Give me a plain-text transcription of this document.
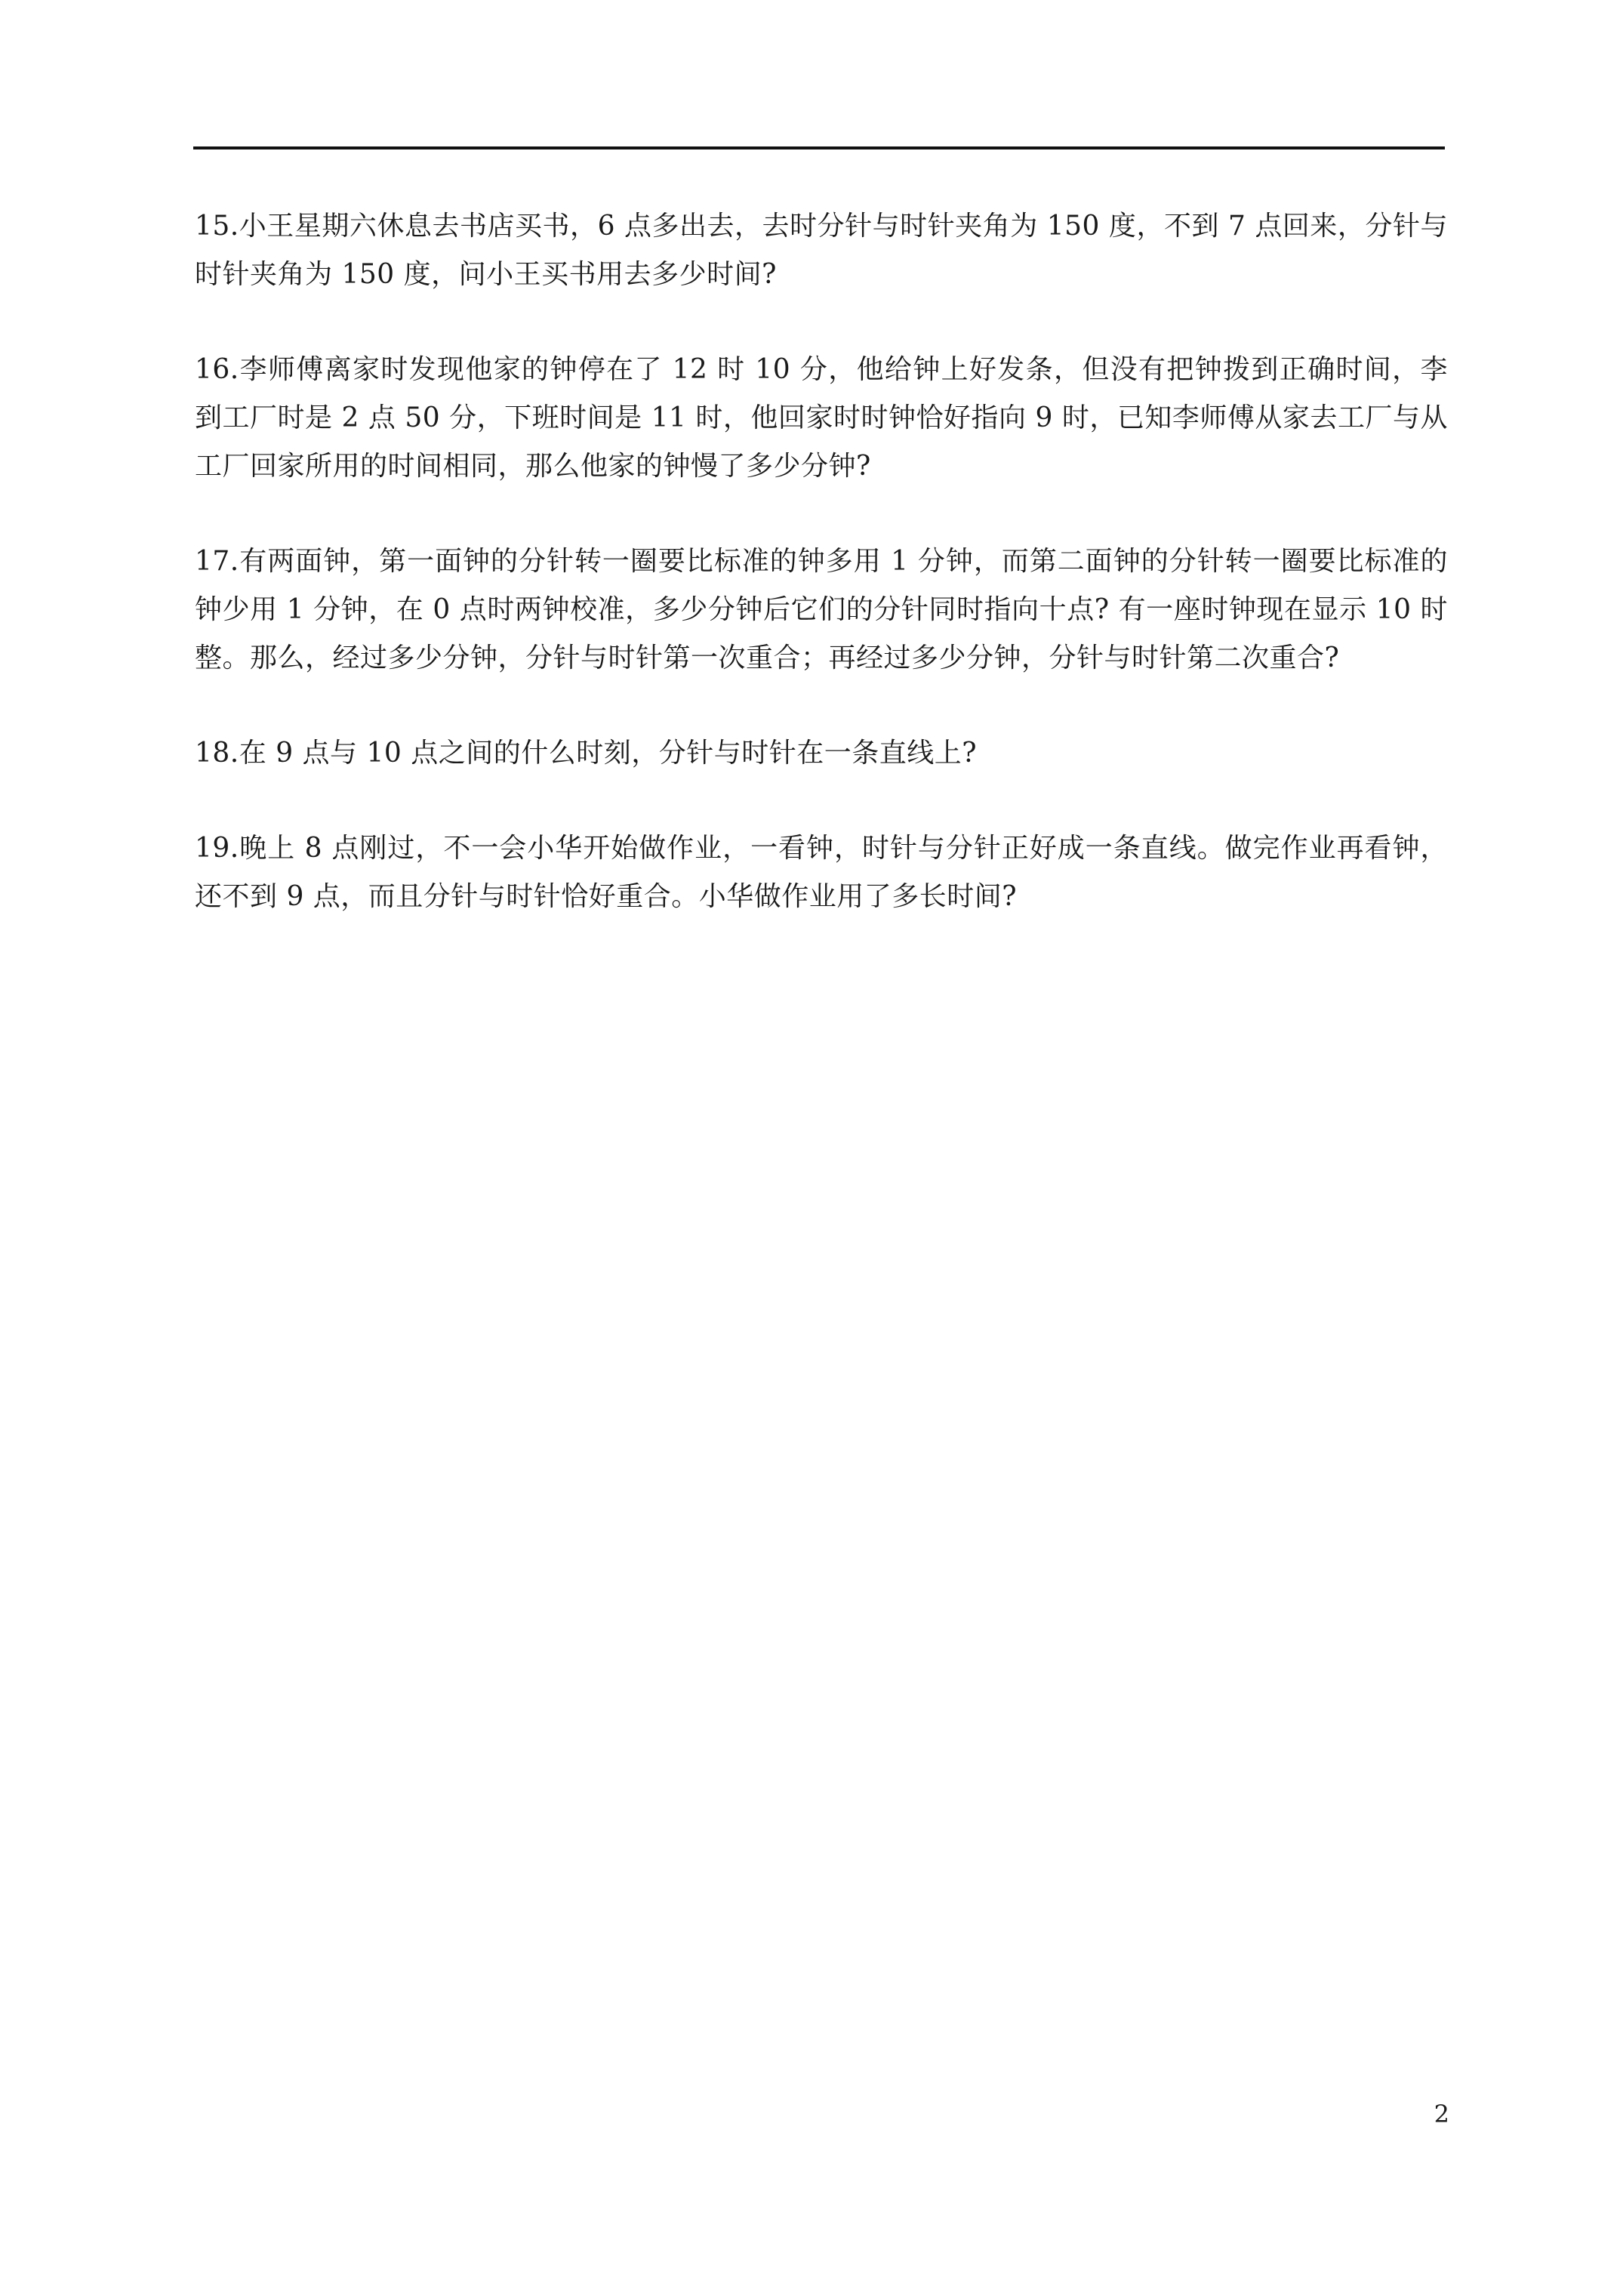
15.小王星期六休息去书店买书，6 点多出去，去时分针与时针夹角为 150 度，不到 7 点回来，分针与时针夹角为 150 度，问小王买书用去多少时间?

16.李师傅离家时发现他家的钟停在了 12 时 10 分，他给钟上好发条，但没有把钟拨到正确时间，李到工厂时是 2 点 50 分，下班时间是 11 时，他回家时时钟恰好指向 9 时，已知李师傅从家去工厂与从工厂回家所用的时间相同，那么他家的钟慢了多少分钟?

17.有两面钟，第一面钟的分针转一圈要比标准的钟多用 1 分钟，而第二面钟的分针转一圈要比标准的钟少用 1 分钟，在 0 点时两钟校准，多少分钟后它们的分针同时指向十点? 有一座时钟现在显示 10 时整。那么，经过多少分钟，分针与时针第一次重合；再经过多少分钟，分针与时针第二次重合?

18.在 9 点与 10 点之间的什么时刻，分针与时针在一条直线上?

19.晚上 8 点刚过，不一会小华开始做作业，一看钟，时针与分针正好成一条直线。做完作业再看钟，还不到 9 点，而且分针与时针恰好重合。小华做作业用了多长时间?

2
